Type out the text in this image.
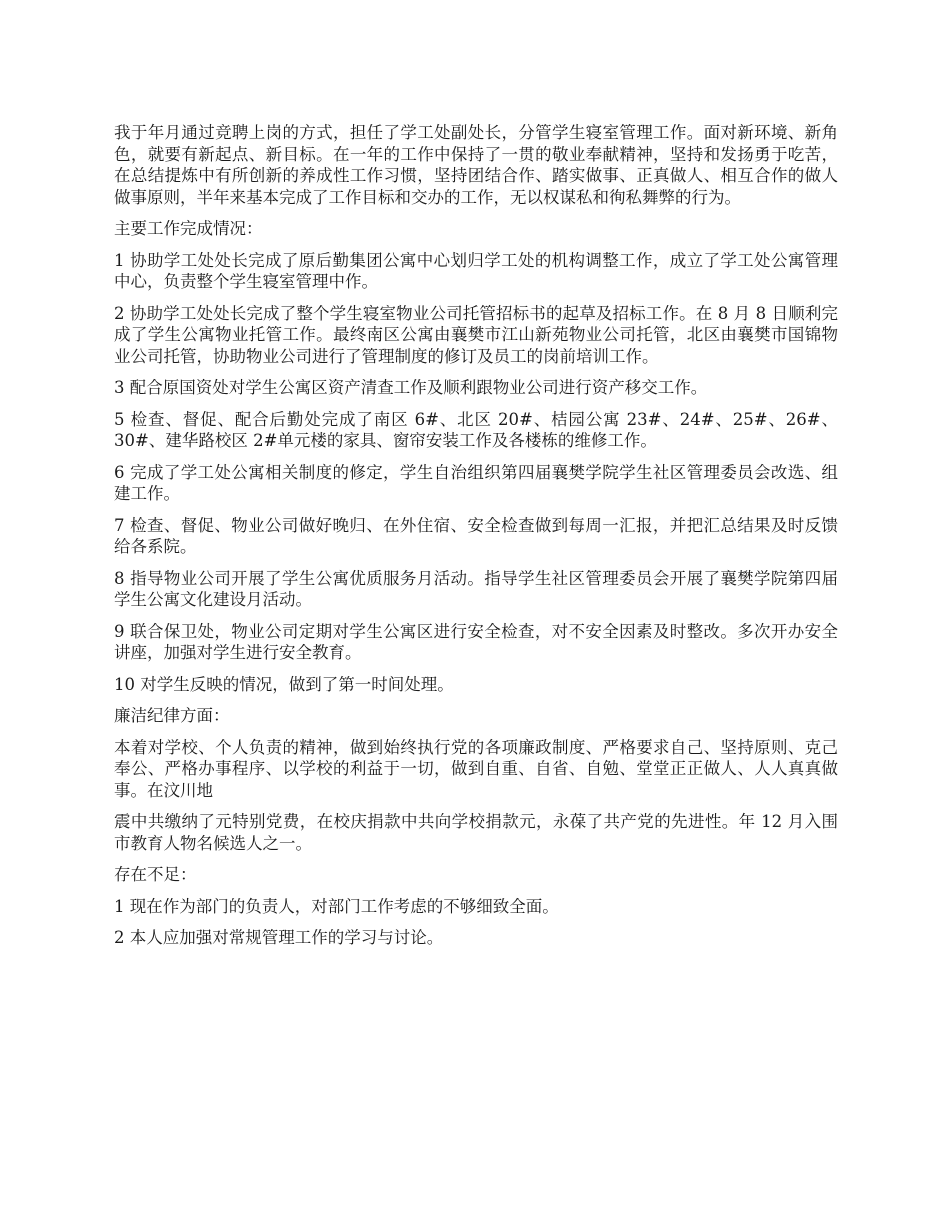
我于年月通过竞聘上岗的方式，担任了学工处副处长，分管学生寝室管理工作。面对新环境、新角色，就要有新起点、新目标。在一年的工作中保持了一贯的敬业奉献精神，坚持和发扬勇于吃苦，在总结提炼中有所创新的养成性工作习惯，坚持团结合作、踏实做事、正真做人、相互合作的做人做事原则，半年来基本完成了工作目标和交办的工作，无以权谋私和徇私舞弊的行为。

主要工作完成情况：

1 协助学工处处长完成了原后勤集团公寓中心划归学工处的机构调整工作，成立了学工处公寓管理中心，负责整个学生寝室管理中作。

2 协助学工处处长完成了整个学生寝室物业公司托管招标书的起草及招标工作。在 8 月 8 日顺利完成了学生公寓物业托管工作。最终南区公寓由襄樊市江山新苑物业公司托管，北区由襄樊市国锦物业公司托管，协助物业公司进行了管理制度的修订及员工的岗前培训工作。

3 配合原国资处对学生公寓区资产清查工作及顺利跟物业公司进行资产移交工作。

5 检查、督促、配合后勤处完成了南区 6#、北区 20#、桔园公寓 23#、24#、25#、26#、30#、建华路校区 2#单元楼的家具、窗帘安装工作及各楼栋的维修工作。

6 完成了学工处公寓相关制度的修定，学生自治组织第四届襄樊学院学生社区管理委员会改选、组建工作。

7 检查、督促、物业公司做好晚归、在外住宿、安全检查做到每周一汇报，并把汇总结果及时反馈给各系院。

8 指导物业公司开展了学生公寓优质服务月活动。指导学生社区管理委员会开展了襄樊学院第四届学生公寓文化建设月活动。

9 联合保卫处，物业公司定期对学生公寓区进行安全检查，对不安全因素及时整改。多次开办安全讲座，加强对学生进行安全教育。

10 对学生反映的情况，做到了第一时间处理。

廉洁纪律方面：

本着对学校、个人负责的精神，做到始终执行党的各项廉政制度、严格要求自己、坚持原则、克己奉公、严格办事程序、以学校的利益于一切，做到自重、自省、自勉、堂堂正正做人、人人真真做事。在汶川地

震中共缴纳了元特别党费，在校庆捐款中共向学校捐款元，永葆了共产党的先进性。年 12 月入围市教育人物名候选人之一。

存在不足：

1 现在作为部门的负责人，对部门工作考虑的不够细致全面。

2 本人应加强对常规管理工作的学习与讨论。
